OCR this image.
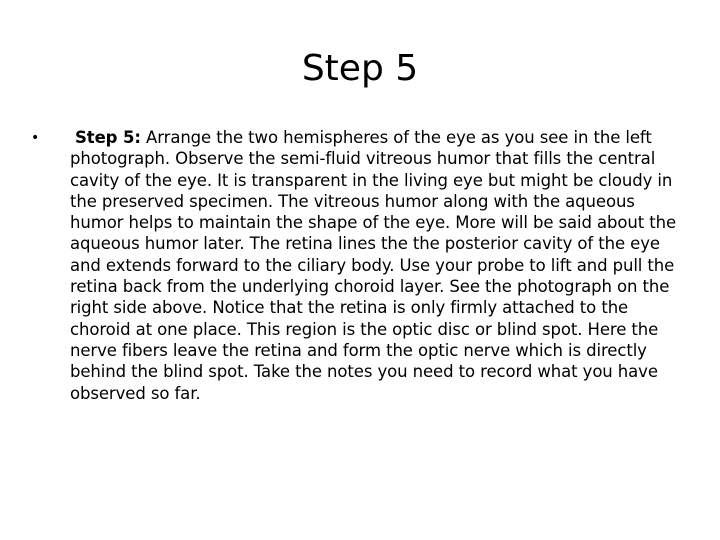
Step 5
•	Step 5: Arrange the two hemispheres of the eye as you see in the left photograph. Observe the semi-fluid vitreous humor that fills the central cavity of the eye. It is transparent in the living eye but might be cloudy in the preserved specimen. The vitreous humor along with the aqueous humor helps to maintain the shape of the eye. More will be said about the aqueous humor later. The retina lines the the posterior cavity of the eye and extends forward to the ciliary body. Use your probe to lift and pull the retina back from the underlying choroid layer. See the photograph on the right side above. Notice that the retina is only firmly attached to the choroid at one place. This region is the optic disc or blind spot. Here the nerve fibers leave the retina and form the optic nerve which is directly behind the blind spot. Take the notes you need to record what you have observed so far.
